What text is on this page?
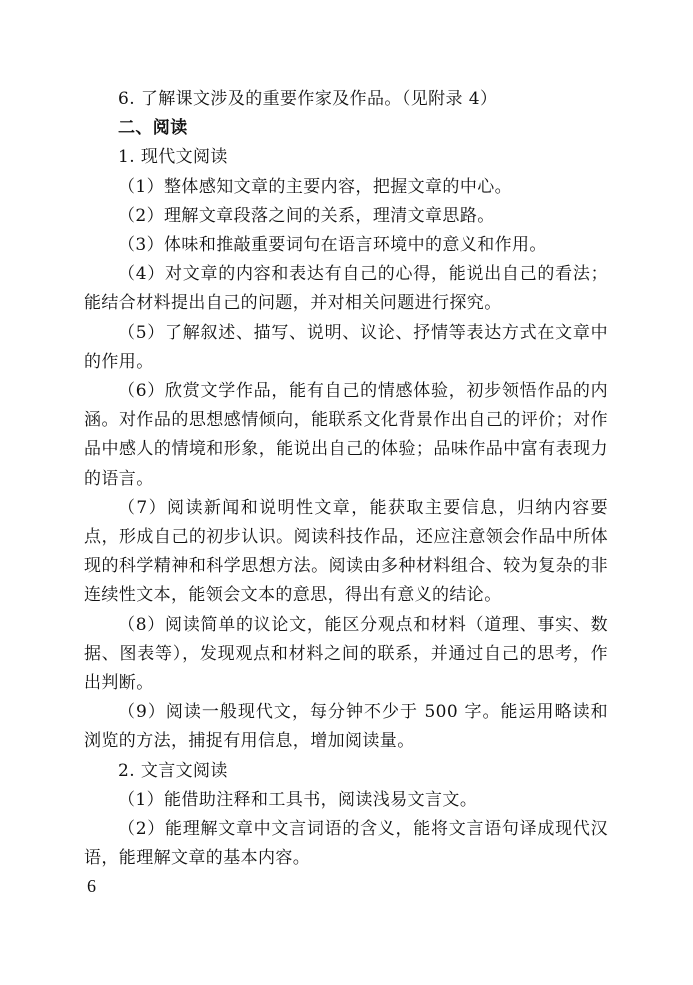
6. 了解课文涉及的重要作家及作品。（见附录 4）

二、阅读

1. 现代文阅读

（1）整体感知文章的主要内容，把握文章的中心。

（2）理解文章段落之间的关系，理清文章思路。

（3）体味和推敲重要词句在语言环境中的意义和作用。

（4）对文章的内容和表达有自己的心得，能说出自己的看法；能结合材料提出自己的问题，并对相关问题进行探究。

（5）了解叙述、描写、说明、议论、抒情等表达方式在文章中的作用。

（6）欣赏文学作品，能有自己的情感体验，初步领悟作品的内涵。对作品的思想感情倾向，能联系文化背景作出自己的评价；对作品中感人的情境和形象，能说出自己的体验；品味作品中富有表现力的语言。

（7）阅读新闻和说明性文章，能获取主要信息，归纳内容要点，形成自己的初步认识。阅读科技作品，还应注意领会作品中所体现的科学精神和科学思想方法。阅读由多种材料组合、较为复杂的非连续性文本，能领会文本的意思，得出有意义的结论。

（8）阅读简单的议论文，能区分观点和材料（道理、事实、数据、图表等），发现观点和材料之间的联系，并通过自己的思考，作出判断。

（9）阅读一般现代文，每分钟不少于 500 字。能运用略读和浏览的方法，捕捉有用信息，增加阅读量。

2. 文言文阅读

（1）能借助注释和工具书，阅读浅易文言文。

（2）能理解文章中文言词语的含义，能将文言语句译成现代汉语，能理解文章的基本内容。

6
